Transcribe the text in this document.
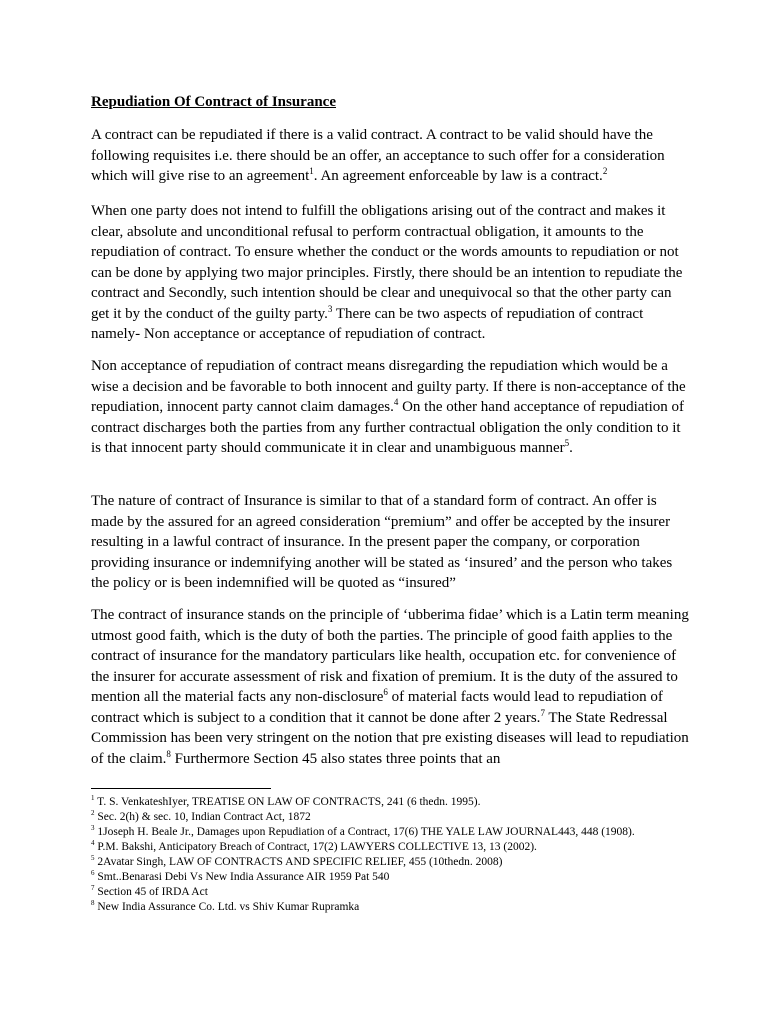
Repudiation Of Contract of Insurance

A contract can be repudiated if there is a valid contract. A contract to be valid should have the following requisites i.e. there should be an offer, an acceptance to such offer for a consideration which will give rise to an agreement$^1$. An agreement enforceable by law is a contract.$^2$

When one party does not intend to fulfill the obligations arising out of the contract and makes it clear, absolute and unconditional refusal to perform contractual obligation, it amounts to the repudiation of contract. To ensure whether the conduct or the words amounts to repudiation or not can be done by applying two major principles. Firstly, there should be an intention to repudiate the contract and Secondly, such intention should be clear and unequivocal so that the other party can get it by the conduct of the guilty party.$^3$ There can be two aspects of repudiation of contract namely- Non acceptance or acceptance of repudiation of contract.

Non acceptance of repudiation of contract means disregarding the repudiation which would be a wise a decision and be favorable to both innocent and guilty party. If there is non-acceptance of the repudiation, innocent party cannot claim damages.$^4$ On the other hand acceptance of repudiation of contract discharges both the parties from any further contractual obligation the only condition to it is that innocent party should communicate it in clear and unambiguous manner$^5$.

The nature of contract of Insurance is similar to that of a standard form of contract. An offer is made by the assured for an agreed consideration “premium” and offer be accepted by the insurer resulting in a lawful contract of insurance. In the present paper the company, or corporation providing insurance or indemnifying another will be stated as ‘insured’ and the person who takes the policy or is been indemnified will be quoted as “insured”

The contract of insurance stands on the principle of ‘ubberima fidae’ which is a Latin term meaning utmost good faith, which is the duty of both the parties. The principle of good faith applies to the contract of insurance for the mandatory particulars like health, occupation etc. for convenience of the insurer for accurate assessment of risk and fixation of premium. It is the duty of the assured to mention all the material facts any non-disclosure$^6$ of material facts would lead to repudiation of contract which is subject to a condition that it cannot be done after 2 years.$^7$ The State Redressal Commission has been very stringent on the notion that pre existing diseases will lead to repudiation of the claim.$^8$ Furthermore Section 45 also states three points that an

$^1$ T. S. VenkateshIyer, TREATISE ON LAW OF CONTRACTS, 241 (6 thedn. 1995).

$^2$ Sec. 2(h) & sec. 10, Indian Contract Act, 1872

$^3$ 1Joseph H. Beale Jr., Damages upon Repudiation of a Contract, 17(6) THE YALE LAW JOURNAL443, 448 (1908).

$^4$ P.M. Bakshi, Anticipatory Breach of Contract, 17(2) LAWYERS COLLECTIVE 13, 13 (2002).

$^5$ 2Avatar Singh, LAW OF CONTRACTS AND SPECIFIC RELIEF, 455 (10thedn. 2008)

$^6$ Smt..Benarasi Debi Vs New India Assurance AIR 1959 Pat 540

$^7$ Section 45 of IRDA Act

$^8$ New India Assurance Co. Ltd. vs Shiv Kumar Rupramka
